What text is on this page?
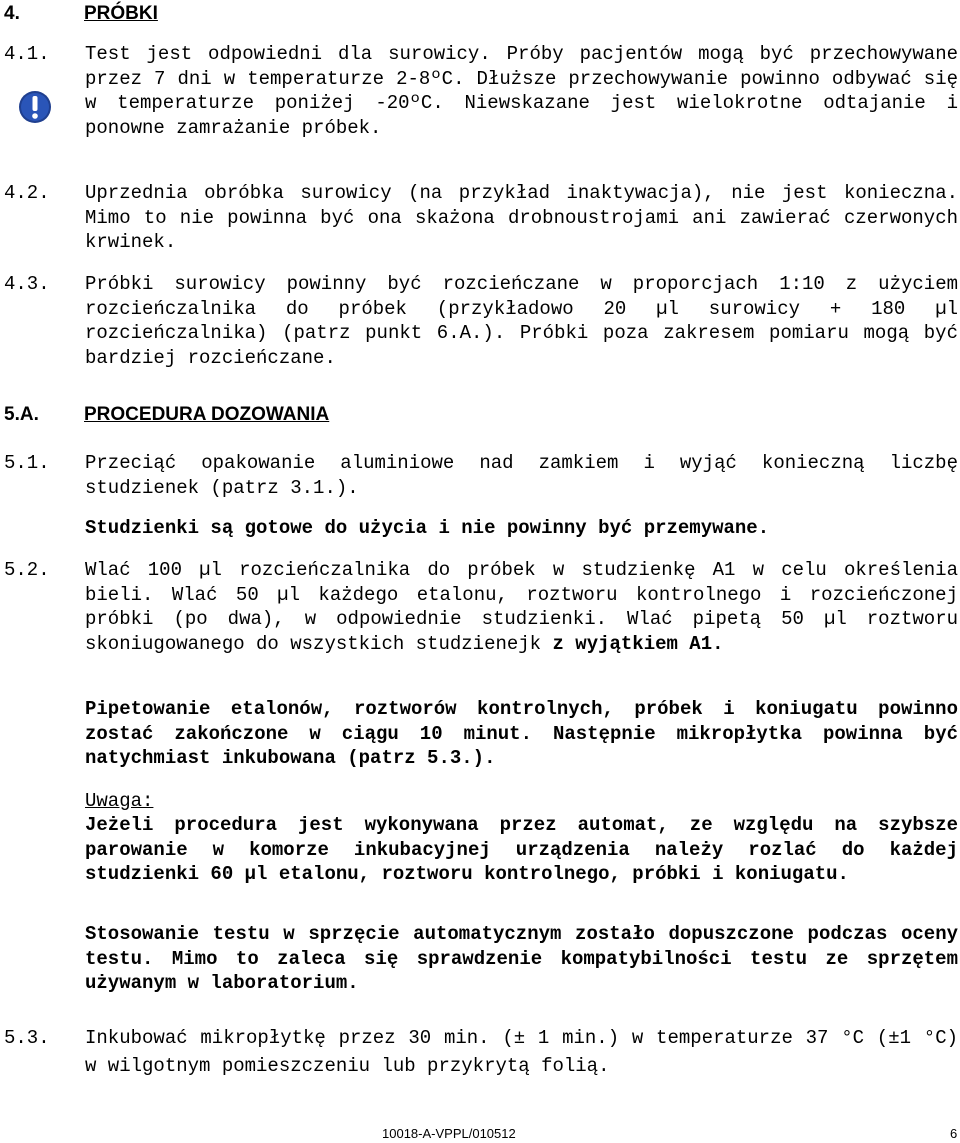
4.	PRÓBKI
4.1. Test jest odpowiedni dla surowicy. Próby pacjentów mogą być przechowywane przez 7 dni w temperaturze 2-8ºC. Dłuższe przechowywanie powinno odbywać się w temperaturze poniżej -20ºC. Niewskazane jest wielokrotne odtajanie i ponowne zamrażanie próbek.
4.2. Uprzednia obróbka surowicy (na przykład inaktywacja), nie jest konieczna. Mimo to nie powinna być ona skażona drobnoustrojami ani zawierać czerwonych krwinek.
4.3. Próbki surowicy powinny być rozcieńczane w proporcjach 1:10 z użyciem rozcieńczalnika do próbek (przykładowo 20 µl surowicy + 180 µl rozcieńczalnika) (patrz punkt 6.A.). Próbki poza zakresem pomiaru mogą być bardziej rozcieńczane.
5.A. PROCEDURA DOZOWANIA
5.1. Przeciąć opakowanie aluminiowe nad zamkiem i wyjąć konieczną liczbę studzienek (patrz 3.1.).
Studzienki są gotowe do użycia i nie powinny być przemywane.
5.2. Wlać 100 µl rozcieńczalnika do próbek w studzienkę A1 w celu określenia bieli. Wlać 50 µl każdego etalonu, roztworu kontrolnego i rozcieńczonej próbki (po dwa), w odpowiednie studzienki. Wlać pipetą 50 µl roztworu skoniugowanego do wszystkich studzienejk z wyjątkiem A1.
Pipetowanie etalonów, roztworów kontrolnych, próbek i koniugatu powinno zostać zakończone w ciągu 10 minut. Następnie mikropłytka powinna być natychmiast inkubowana (patrz 5.3.).
Uwaga:
Jeżeli procedura jest wykonywana przez automat, ze względu na szybsze parowanie w komorze inkubacyjnej urządzenia należy rozlać do każdej studzienki 60 µl etalonu, roztworu kontrolnego, próbki i koniugatu.
Stosowanie testu w sprzęcie automatycznym zostało dopuszczone podczas oceny testu. Mimo to zaleca się sprawdzenie kompatybilności testu ze sprzętem używanym w laboratorium.
5.3. Inkubować mikropłytkę przez 30 min. (± 1 min.) w temperaturze 37 °C (±1 °C) w wilgotnym pomieszczeniu lub przykrytą folią.
10018-A-VPPL/010512	6
